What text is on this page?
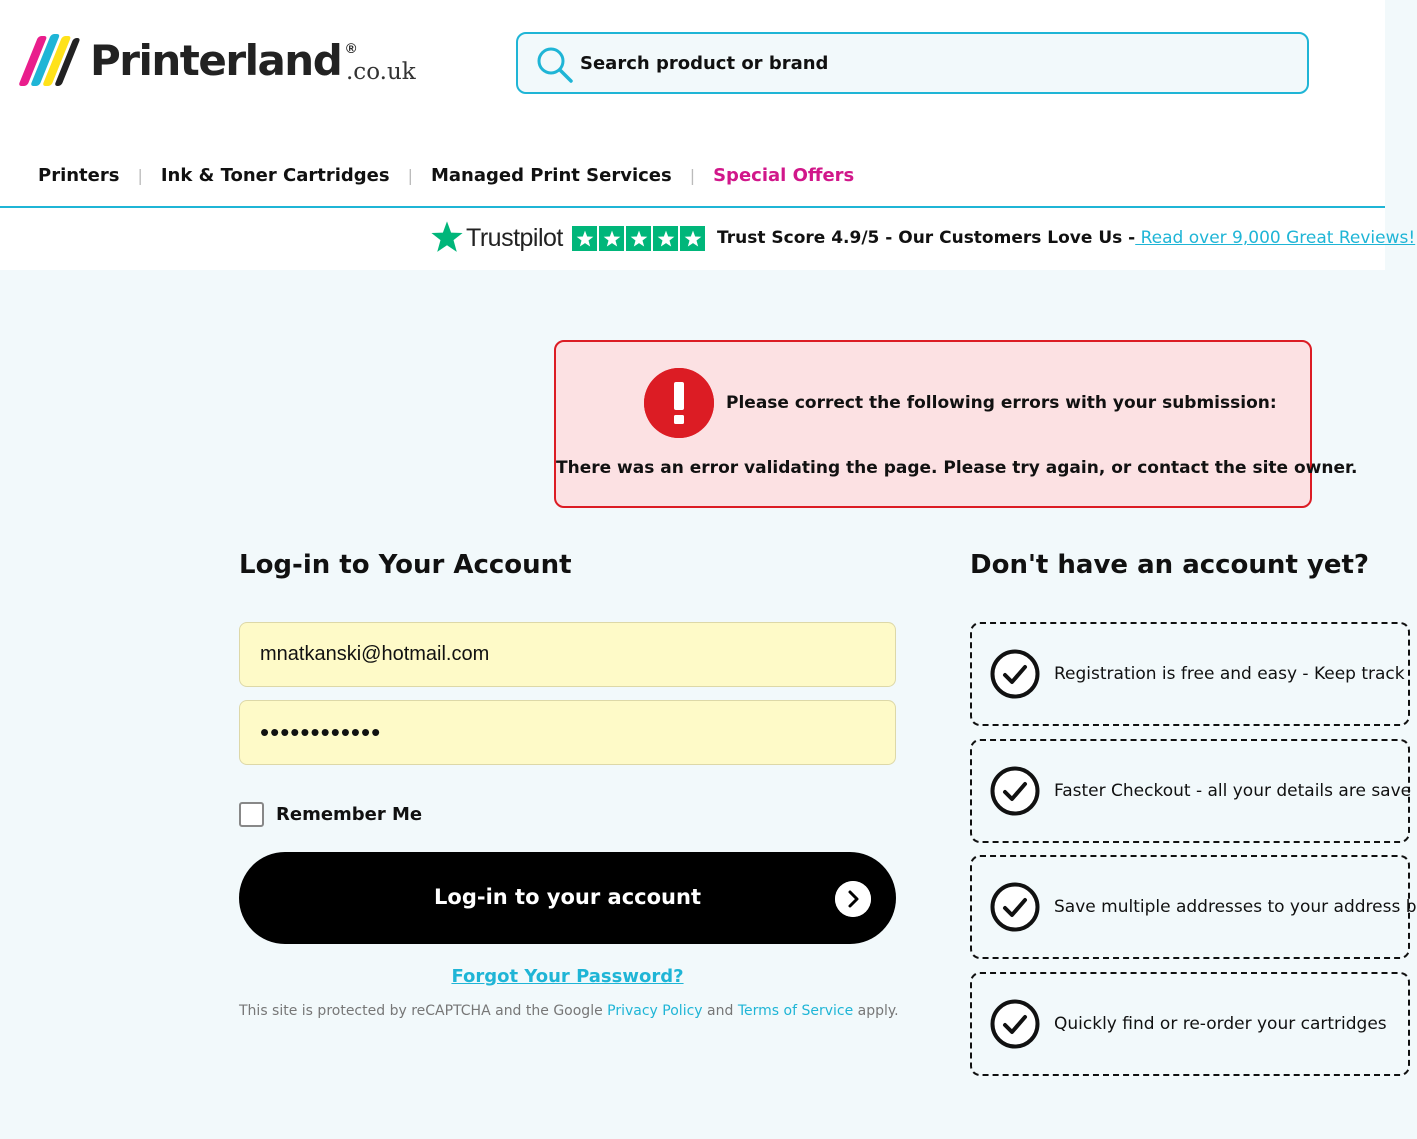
Printerland ®
.co.uk
Search product or brand
Printers | Ink & Toner Cartridges | Managed Print Services | Special Offers
Trustpilot	Trust Score 4.9/5 - Our Customers Love Us - Read over 9,000 Great Reviews!
Please correct the following errors with your submission:
There was an error validating the page. Please try again, or contact the site owner.
Log-in to Your Account
mnatkanski@hotmail.com
••••••••••••
Remember Me
Log-in to your account
Forgot Your Password?
This site is protected by reCAPTCHA and the Google Privacy Policy and Terms of Service apply.
Don't have an account yet?
Registration is free and easy - Keep track
Faster Checkout - all your details are save
Save multiple addresses to your address b
Quickly find or re-order your cartridges
